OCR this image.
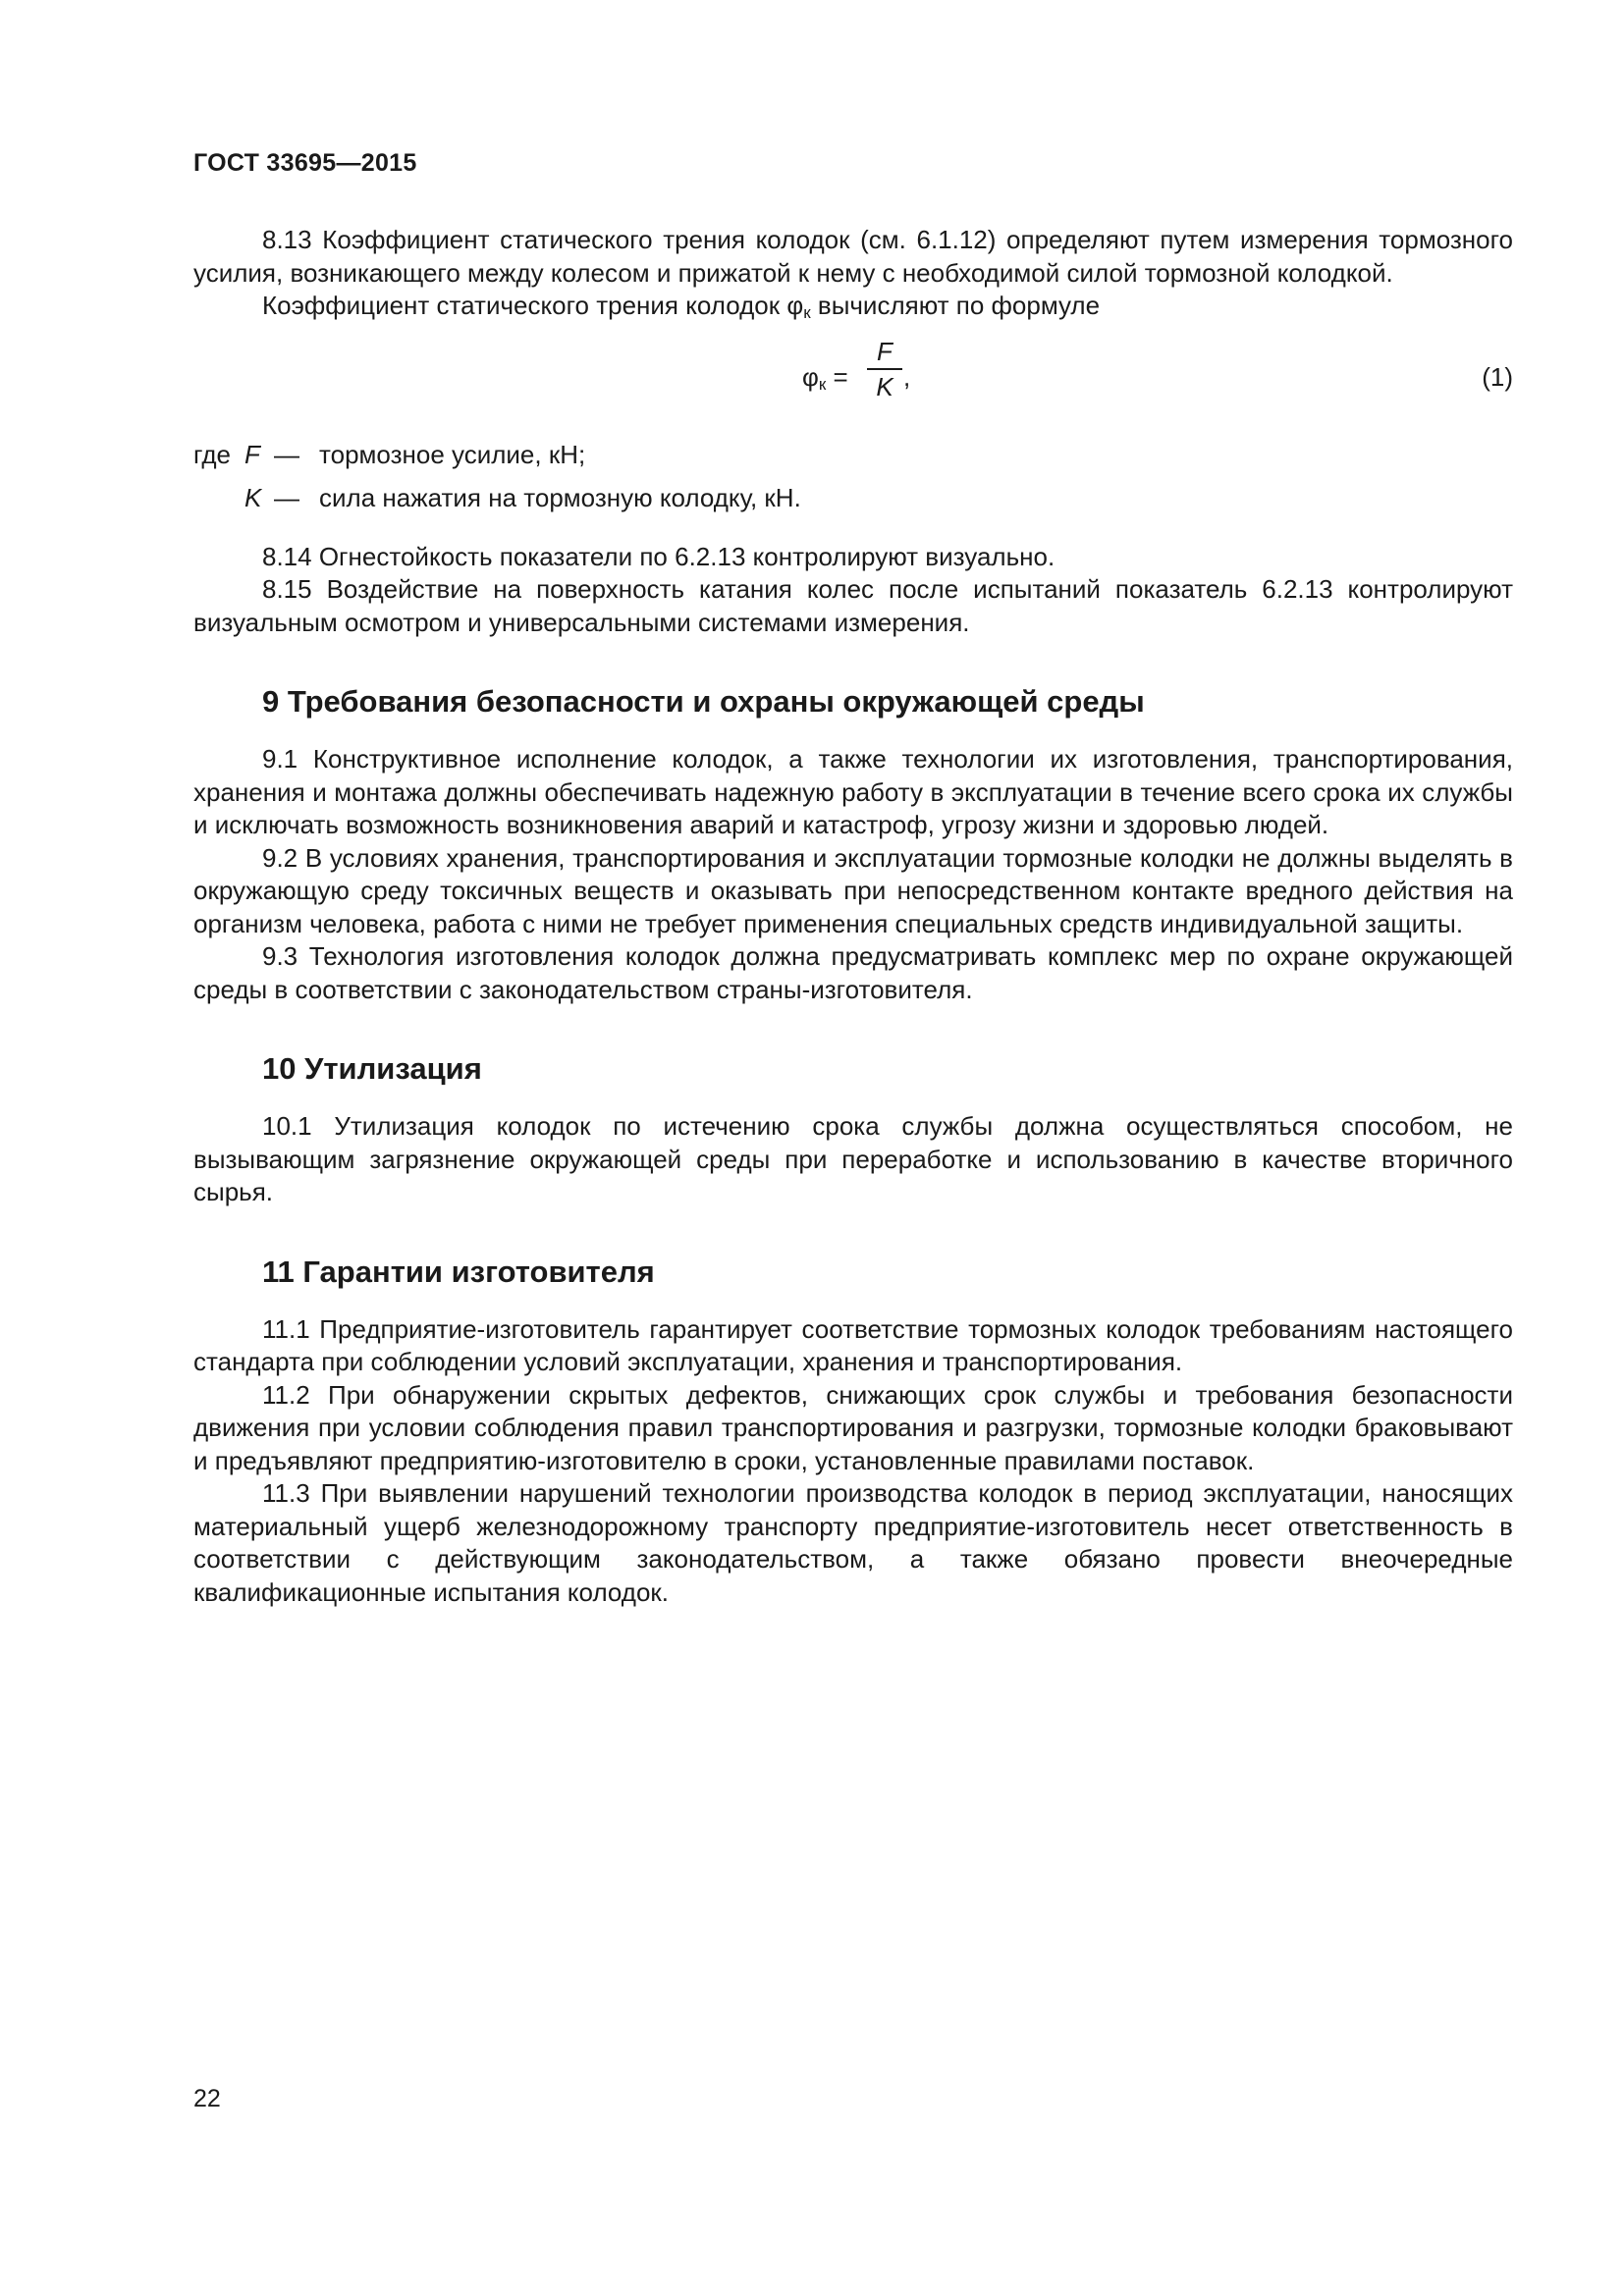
ГОСТ 33695—2015

8.13 Коэффициент статического трения колодок (см. 6.1.12) определяют путем измерения тормозного усилия, возникающего между колесом и прижатой к нему с необходимой силой тормозной колодкой.

Коэффициент статического трения колодок $\varphi_к$ вычисляют по формуле

$\varphi_к$ =
F
K ,	(1)
где F — тормозное усилие, кН;
K — сила нажатия на тормозную колодку, кН.

8.14 Огнестойкость показатели по 6.2.13 контролируют визуально.

8.15 Воздействие на поверхность катания колес после испытаний показатель 6.2.13 контролируют визуальным осмотром и универсальными системами измерения.

9 Требования безопасности и охраны окружающей среды

9.1 Конструктивное исполнение колодок, а также технологии их изготовления, транспортирования, хранения и монтажа должны обеспечивать надежную работу в эксплуатации в течение всего срока их службы и исключать возможность возникновения аварий и катастроф, угрозу жизни и здоровью людей.

9.2 В условиях хранения, транспортирования и эксплуатации тормозные колодки не должны выделять в окружающую среду токсичных веществ и оказывать при непосредственном контакте вредного действия на организм человека, работа с ними не требует применения специальных средств индивидуальной защиты.

9.3 Технология изготовления колодок должна предусматривать комплекс мер по охране окружающей среды в соответствии с законодательством страны-изготовителя.

10 Утилизация

10.1 Утилизация колодок по истечению срока службы должна осуществляться способом, не вызывающим загрязнение окружающей среды при переработке и использованию в качестве вторичного сырья.

11 Гарантии изготовителя

11.1 Предприятие-изготовитель гарантирует соответствие тормозных колодок требованиям настоящего стандарта при соблюдении условий эксплуатации, хранения и транспортирования.

11.2 При обнаружении скрытых дефектов, снижающих срок службы и требования безопасности движения при условии соблюдения правил транспортирования и разгрузки, тормозные колодки браковывают и предъявляют предприятию-изготовителю в сроки, установленные правилами поставок.

11.3 При выявлении нарушений технологии производства колодок в период эксплуатации, наносящих материальный ущерб железнодорожному транспорту предприятие-изготовитель несет ответственность в соответствии с действующим законодательством, а также обязано провести внеочередные квалификационные испытания колодок.

22
